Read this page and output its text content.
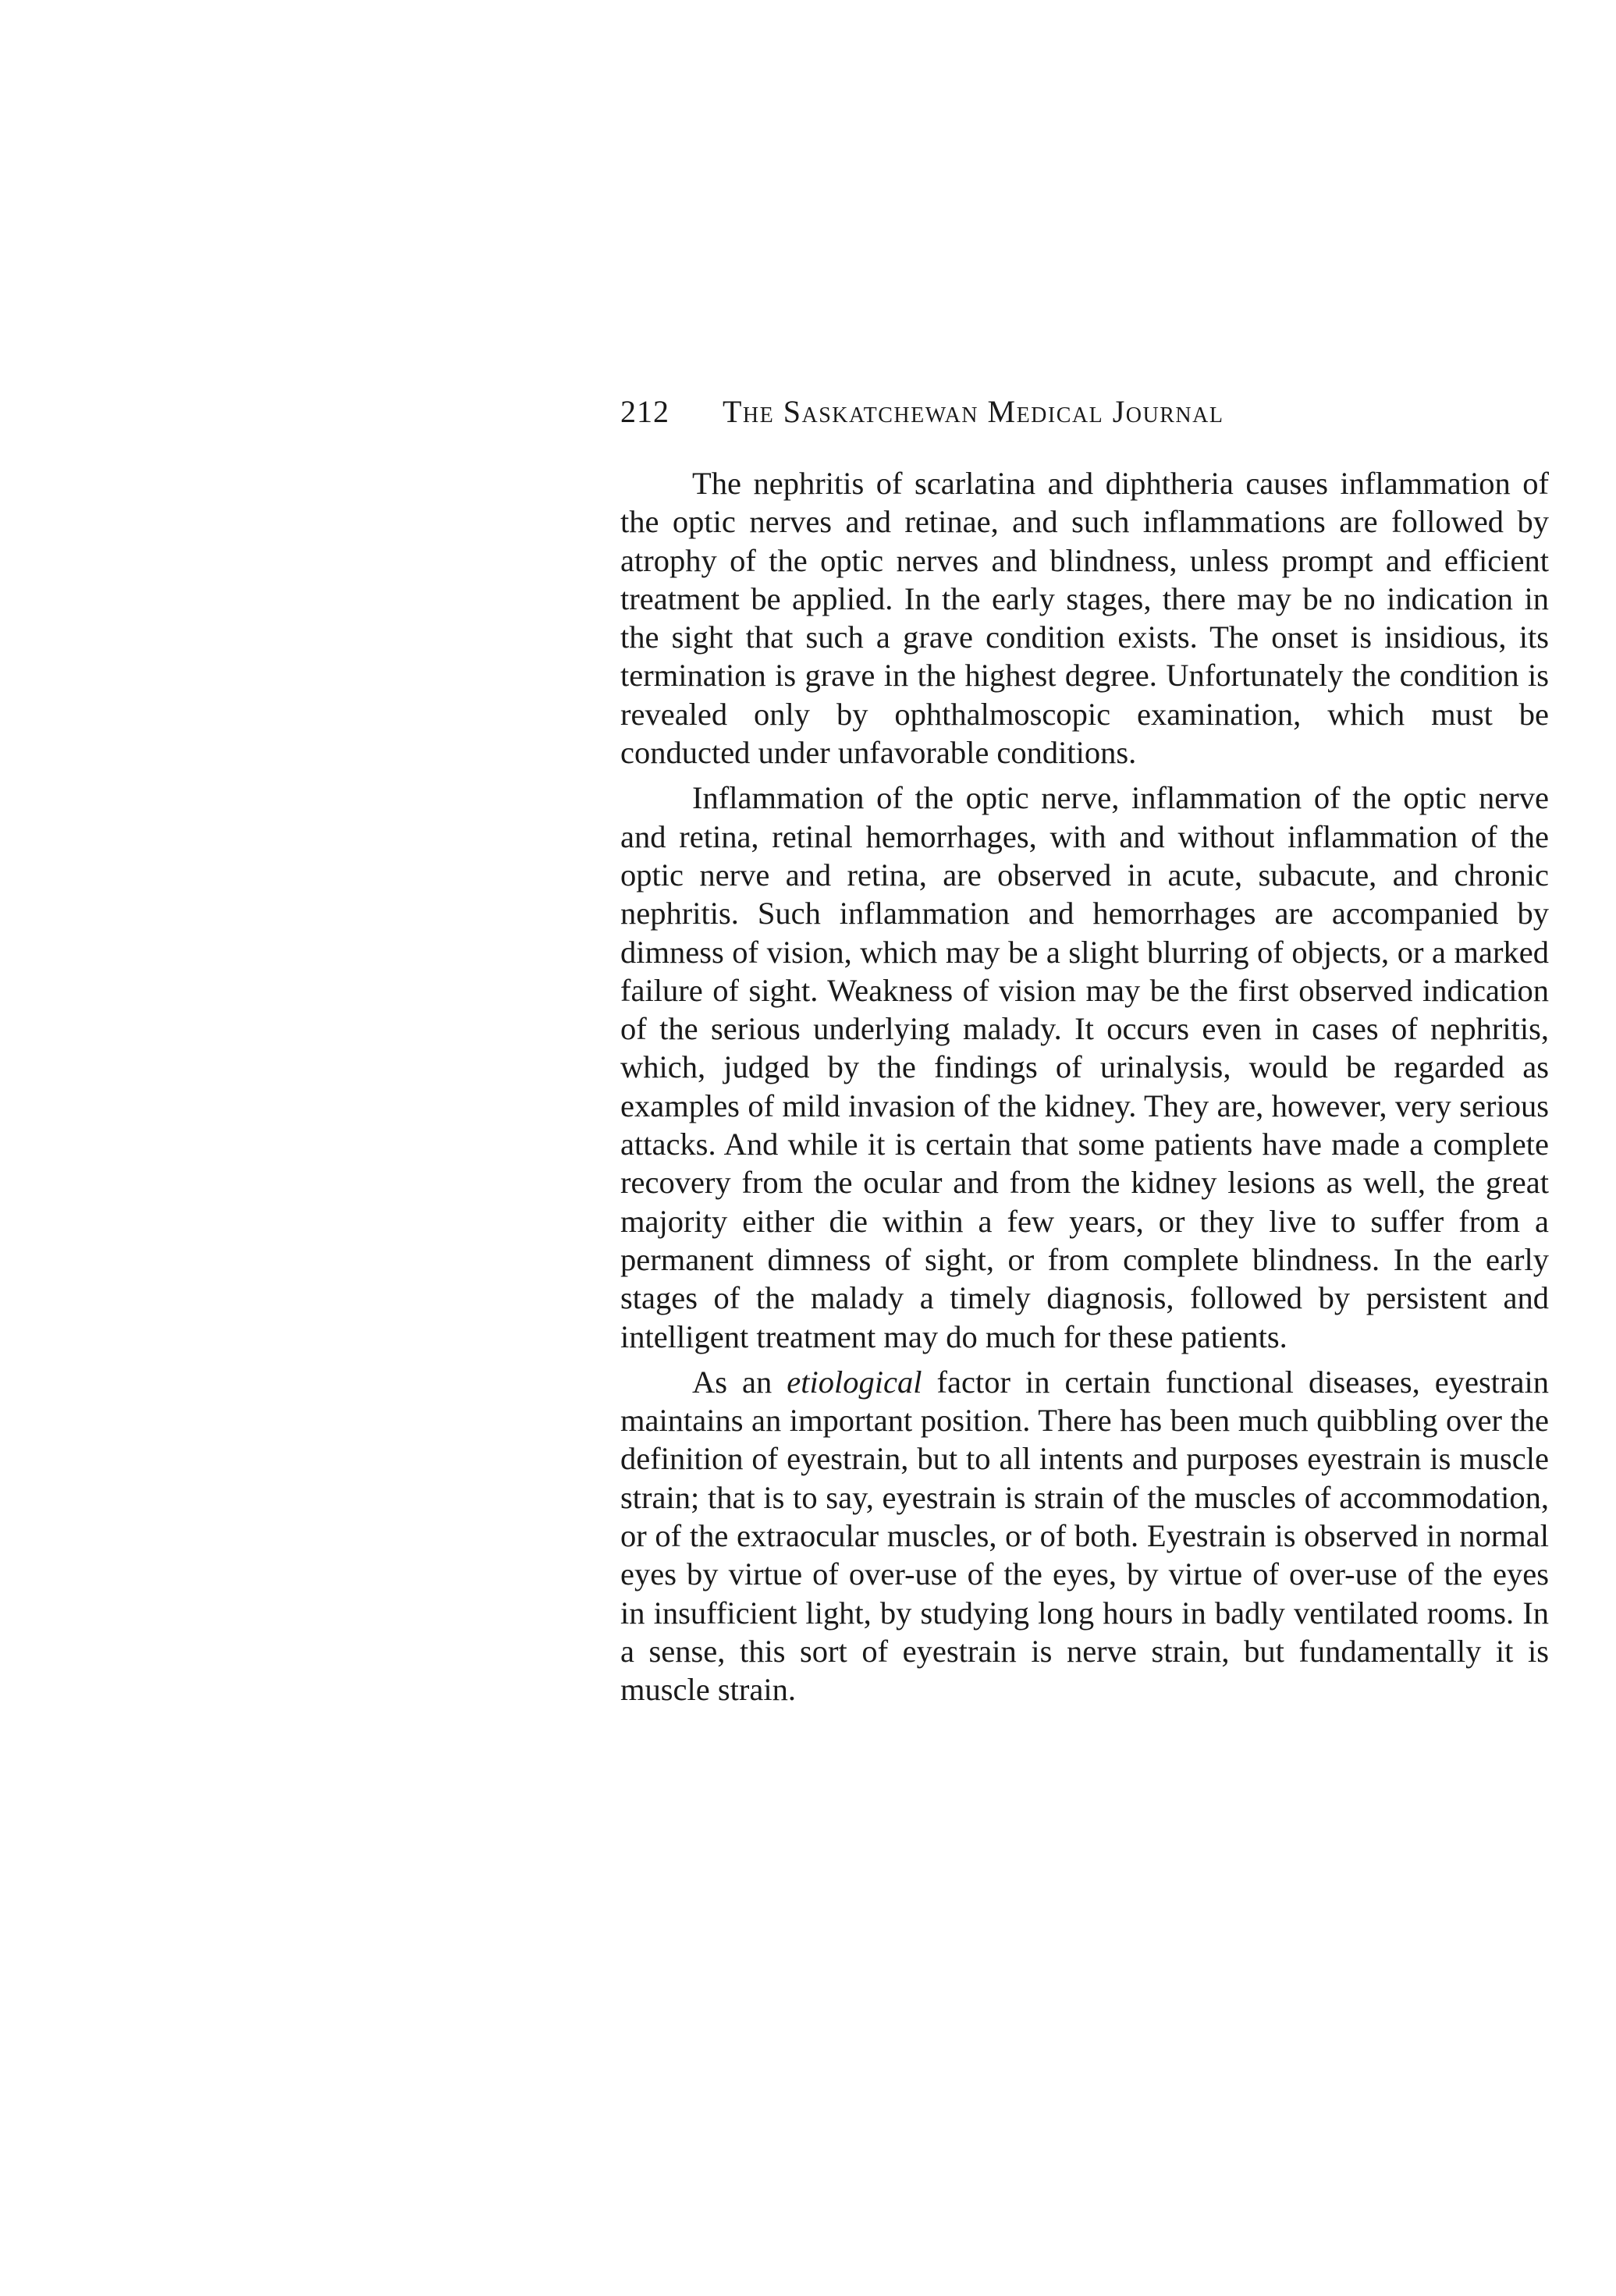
212 The Saskatchewan Medical Journal

The nephritis of scarlatina and diphtheria causes inflammation of the optic nerves and retinae, and such inflammations are followed by atrophy of the optic nerves and blindness, unless prompt and efficient treatment be applied. In the early stages, there may be no indication in the sight that such a grave condition exists. The onset is insidious, its termination is grave in the highest degree. Unfortunately the condition is revealed only by ophthalmoscopic examination, which must be conducted under unfavorable conditions.

Inflammation of the optic nerve, inflammation of the optic nerve and retina, retinal hemorrhages, with and without inflammation of the optic nerve and retina, are observed in acute, subacute, and chronic nephritis. Such inflammation and hemorrhages are accompanied by dimness of vision, which may be a slight blurring of objects, or a marked failure of sight. Weakness of vision may be the first observed indication of the serious underlying malady. It occurs even in cases of nephritis, which, judged by the findings of urinalysis, would be regarded as examples of mild invasion of the kidney. They are, however, very serious attacks. And while it is certain that some patients have made a complete recovery from the ocular and from the kidney lesions as well, the great majority either die within a few years, or they live to suffer from a permanent dimness of sight, or from complete blindness. In the early stages of the malady a timely diagnosis, followed by persistent and intelligent treatment may do much for these patients.

As an etiological factor in certain functional diseases, eyestrain maintains an important position. There has been much quibbling over the definition of eyestrain, but to all intents and purposes eyestrain is muscle strain; that is to say, eyestrain is strain of the muscles of accommodation, or of the extraocular muscles, or of both. Eyestrain is observed in normal eyes by virtue of over-use of the eyes, by virtue of over-use of the eyes in insufficient light, by studying long hours in badly ventilated rooms. In a sense, this sort of eyestrain is nerve strain, but fundamentally it is muscle strain.
